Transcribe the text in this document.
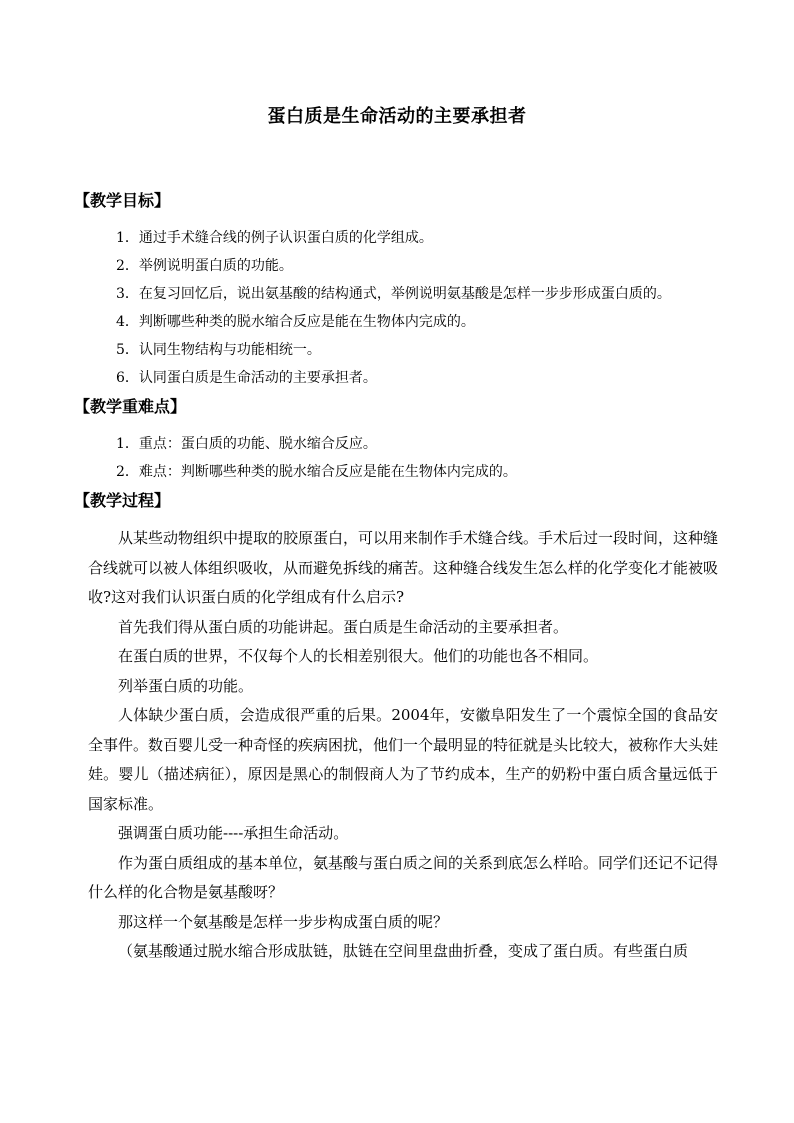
蛋白质是生命活动的主要承担者
【教学目标】

1．通过手术缝合线的例子认识蛋白质的化学组成。

2．举例说明蛋白质的功能。

3．在复习回忆后，说出氨基酸的结构通式，举例说明氨基酸是怎样一步步形成蛋白质的。

4．判断哪些种类的脱水缩合反应是能在生物体内完成的。

5．认同生物结构与功能相统一。

6．认同蛋白质是生命活动的主要承担者。

【教学重难点】

1．重点：蛋白质的功能、脱水缩合反应。

2．难点：判断哪些种类的脱水缩合反应是能在生物体内完成的。

【教学过程】

从某些动物组织中提取的胶原蛋白，可以用来制作手术缝合线。手术后过一段时间，这种缝合线就可以被人体组织吸收，从而避免拆线的痛苦。这种缝合线发生怎么样的化学变化才能被吸收?这对我们认识蛋白质的化学组成有什么启示?

首先我们得从蛋白质的功能讲起。蛋白质是生命活动的主要承担者。

在蛋白质的世界，不仅每个人的长相差别很大。他们的功能也各不相同。

列举蛋白质的功能。

人体缺少蛋白质，会造成很严重的后果。2004年，安徽阜阳发生了一个震惊全国的食品安全事件。数百婴儿受一种奇怪的疾病困扰，他们一个最明显的特征就是头比较大，被称作大头娃娃。婴儿（描述病征），原因是黑心的制假商人为了节约成本，生产的奶粉中蛋白质含量远低于国家标准。

强调蛋白质功能----承担生命活动。

作为蛋白质组成的基本单位，氨基酸与蛋白质之间的关系到底怎么样哈。同学们还记不记得什么样的化合物是氨基酸呀？

那这样一个氨基酸是怎样一步步构成蛋白质的呢？

（氨基酸通过脱水缩合形成肽链，肽链在空间里盘曲折叠，变成了蛋白质。有些蛋白质
